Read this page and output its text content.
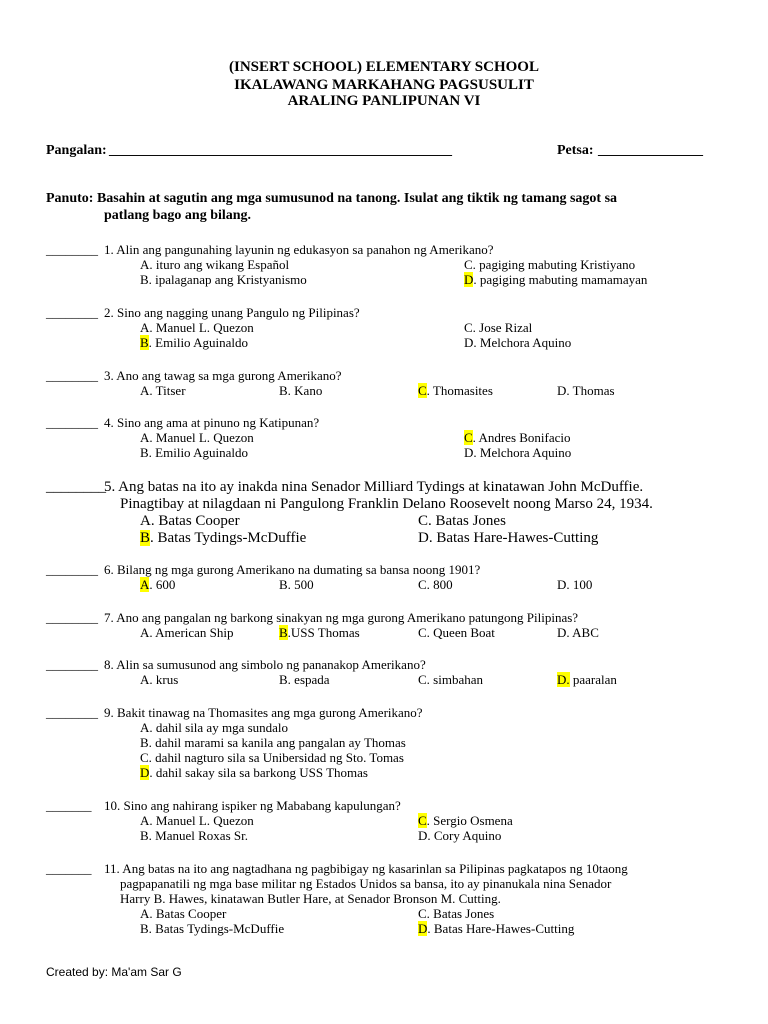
(INSERT SCHOOL) ELEMENTARY SCHOOL
IKALAWANG MARKAHANG PAGSUSULIT
ARALING PANLIPUNAN VI
Pangalan: _________________________________________________	Petsa: _______________
Panuto: Basahin at sagutin ang mga sumusunod na tanong. Isulat ang tiktik ng tamang sagot sa
patlang bago ang bilang.
________ 1. Alin ang pangunahing layunin ng edukasyon sa panahon ng Amerikano?
A. ituro ang wikang Español
B. ipalaganap ang Kristyanismo
C. pagiging mabuting Kristiyano
D. pagiging mabuting mamamayan
________ 2. Sino ang nagging unang Pangulo ng Pilipinas?
A. Manuel L. Quezon
B. Emilio Aguinaldo
C. Jose Rizal
D. Melchora Aquino
________ 3. Ano ang tawag sa mga gurong Amerikano?
A. Titser	B. Kano	C. Thomasites	D. Thomas
________ 4. Sino ang ama at pinuno ng Katipunan?
A. Manuel L. Quezon
B. Emilio Aguinaldo
C. Andres Bonifacio
D. Melchora Aquino
________
5. Ang batas na ito ay inakda nina Senador Milliard Tydings at kinatawan John McDuffie.
Pinagtibay at nilagdaan ni Pangulong Franklin Delano Roosevelt noong Marso 24, 1934.
A. Batas Cooper
B. Batas Tydings-McDuffie
C. Batas Jones
D. Batas Hare-Hawes-Cutting
________ 6. Bilang ng mga gurong Amerikano na dumating sa bansa noong 1901?
A. 600	B. 500	C. 800	D. 100
________ 7. Ano ang pangalan ng barkong sinakyan ng mga gurong Amerikano patungong Pilipinas?
A. American Ship	B.USS Thomas	C. Queen Boat	D. ABC
________ 8. Alin sa sumusunod ang simbolo ng pananakop Amerikano?
A. krus	B. espada	C. simbahan	D. paaralan
________ 9. Bakit tinawag na Thomasites ang mga gurong Amerikano?
A. dahil sila ay mga sundalo
B. dahil marami sa kanila ang pangalan ay Thomas
C. dahil nagturo sila sa Unibersidad ng Sto. Tomas
D. dahil sakay sila sa barkong USS Thomas
_______ 10. Sino ang nahirang ispiker ng Mababang kapulungan?
A. Manuel L. Quezon
B. Manuel Roxas Sr.
C. Sergio Osmena
D. Cory Aquino
_______ 11. Ang batas na ito ang nagtadhana ng pagbibigay ng kasarinlan sa Pilipinas pagkatapos ng 10taong
pagpapanatili ng mga base militar ng Estados Unidos sa bansa, ito ay pinanukala nina Senador
Harry B. Hawes, kinatawan Butler Hare, at Senador Bronson M. Cutting.
A. Batas Cooper
B. Batas Tydings-McDuffie
C. Batas Jones
D. Batas Hare-Hawes-Cutting
Created by: Ma'am Sar G
